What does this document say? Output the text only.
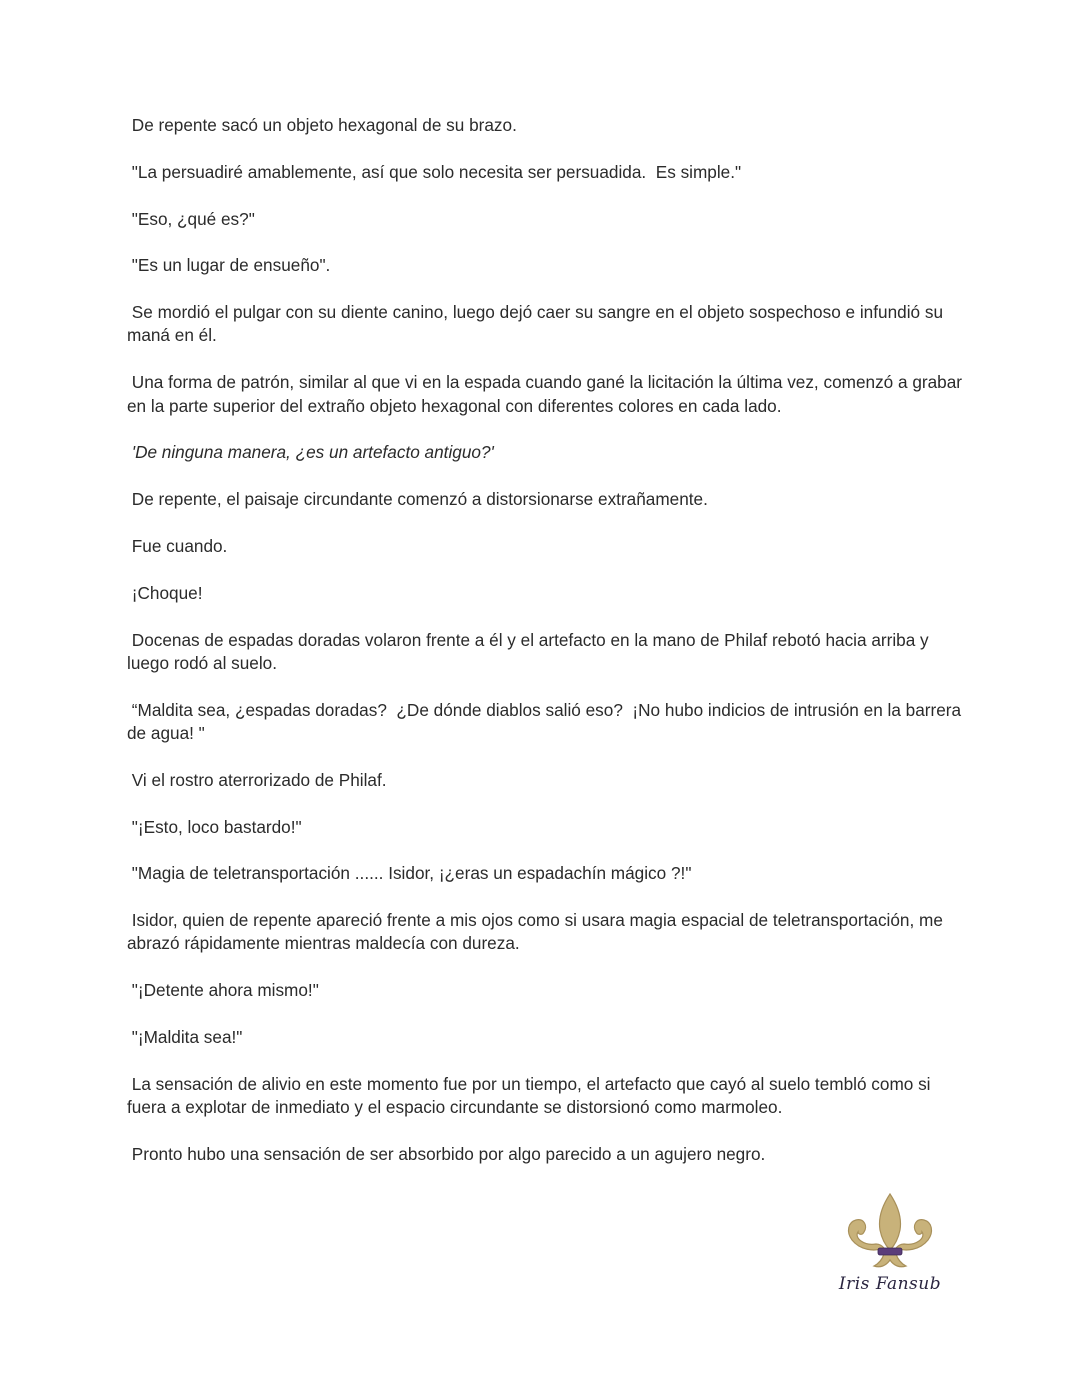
De repente sacó un objeto hexagonal de su brazo.

"La persuadiré amablemente, así que solo necesita ser persuadida.  Es simple."

"Eso, ¿qué es?"

"Es un lugar de ensueño".

Se mordió el pulgar con su diente canino, luego dejó caer su sangre en el objeto sospechoso e infundió su maná en él.

Una forma de patrón, similar al que vi en la espada cuando gané la licitación la última vez, comenzó a grabar en la parte superior del extraño objeto hexagonal con diferentes colores en cada lado.

'De ninguna manera, ¿es un artefacto antiguo?'

De repente, el paisaje circundante comenzó a distorsionarse extrañamente.

Fue cuando.

¡Choque!

Docenas de espadas doradas volaron frente a él y el artefacto en la mano de Philaf rebotó hacia arriba y luego rodó al suelo.

“Maldita sea, ¿espadas doradas?  ¿De dónde diablos salió eso?  ¡No hubo indicios de intrusión en la barrera de agua! "

Vi el rostro aterrorizado de Philaf.

"¡Esto, loco bastardo!"

"Magia de teletransportación ...... Isidor, ¡¿eras un espadachín mágico ?!"

Isidor, quien de repente apareció frente a mis ojos como si usara magia espacial de teletransportación, me abrazó rápidamente mientras maldecía con dureza.

"¡Detente ahora mismo!"

"¡Maldita sea!"

La sensación de alivio en este momento fue por un tiempo, el artefacto que cayó al suelo tembló como si fuera a explotar de inmediato y el espacio circundante se distorsionó como marmoleo.

Pronto hubo una sensación de ser absorbido por algo parecido a un agujero negro.

Iris Fansub
